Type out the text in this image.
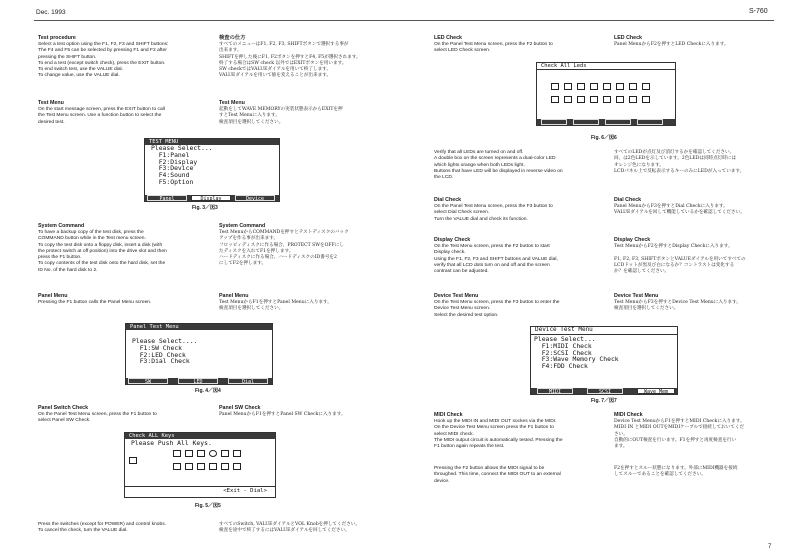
Dec. 1993	S-760
Test procedure

Select a test option using the F1, F2, F3 and SHIFT buttons:
The F4 and F5 can be selected by pressing F1 and F2 after
pressing the SHIFT button.
To end a test (except switch check), press the EXIT button.
To end switch test, use the VALUE dial.
To change value, use the VALUE dial.

検査の仕方

すべてのメニューはF1, F2, F3, SHIFTボタンで選択する事が
出来ます。
SHIFTを押した後にF1, F2ボタンを押すとF4, F5が選択されます。
終了する場合はSW check 以外ではEXITボタンを用います。
SW checkではVALUEダイアルを用いて終了します。
VALUEダイアルを用いて値を変えることが出来ます。

Test Menu

On the start message screen, press the EXIT button to call
the Test Menu screen. Use a function button to select the
desired test.

Test Menu

起動をしてWAVE MEMORYの実装状態表示からEXITを押
すとTest Menuに入ります。
検査項目を選択してください。

TEST MENU
Please Select...
F1:Panel
F2:Display
F3:Device
F4:Sound
F5:Option
Panel	Display	Device
Fig. 3／図3
System Command

To have a backup copy of the test disk, press the
COMMAND button while in the Test menu screen.
To copy the test disk onto a floppy disk, insert a disk (with
the protect switch at off position) into the drive slot and then
press the F1 button.
To copy contents of the test disk onto the hard disk, set the
ID No. of the hard disk to 2.

System Command

Test MenuからCOMMANDを押すとテストディスクのバック
アップを作る事が出来ます。
フロッピィディスクに作る場合、PROTECT SWをOFFにし
たディスクを入れてF1を押します。
ハードディスクに作る場合、ハードディスクのID番号を2
にしてF2を押します。

Panel Menu

Pressing the F1 button calls the Panel Menu screen.

Panel Menu

Test MenuからF1を押すとPanel Menuに入ります。
検査項目を選択してください。

Panel Test Menu
Please Select....
F1:SW Check
F2:LED Check
F3:Dial Check
SW	LED	Dial
Fig. 4／図4
Panel Switch Check

On the Panel Test Menu screen, press the F1 button to
select Panel SW Check.

Panel SW Check

Panel MenuからF1を押すとPanel SW Checkに入ります。

Check ALL Keys
Please Push All Keys.
<Exit - Dial>
Fig. 5／図5

Press the switches (except for POWER) and control knobs.
To cancel the check, turn the VALUE dial.

すべてのSwitch, VALUEダイアルとVOL Knobを押してください。
検査を途中で終了するにはVALUEダイアルを回してください。

LED Check

On the Panel Test Menu screen, press the F2 button to
select LED Check screen.

LED Check

Panel MenuからF2を押すとLED Checkに入ります。

Check All Leds
Fig. 6／図6

Verify that all LEDs are turned on and off.
A double box on the screen represents a dual-color LED
which lights orange when both LEDs light.
Buttons that have LED will be displayed in reverse video on
the LCD.

すべてのLEDが点灯及び消灯するかを確認してください。
回、は2色LEDを示しています。2色LEDは同時点灯時には
オレンジ色になります。
LCDパネル上で反転表示するキーのみにLEDが入っています。

Dial Check

On the Panel Test Menu screen, press the F3 button to
select Dial Check screen.
Turn the VALUE dial and check its function.

Dial Check

Panel MenuからF3を押すとDial Checkに入ります。
VALUEダイアルを回して機能しているかを確認してください。

Display Check

On the Test Menu screen, press the F2 button to start
Display check.
Using the F1, F2, F3 and SHIFT buttons and VALUE dial,
verify that all LCD dots turn on and off and the screen
contrast can be adjusted.

Display Check

Test MenuからF2を押すとDisplay Checkに入ります。

F1, F2, F3, SHIFTボタンとVALUEダイアルを用いてすべての
LCDドットが黒及び白になるか？コントラストは変化する
か？を確認してください。

Device Test Menu

On the Test Menu screen, press the F3 button to enter the
Device Test Menu screen.
Select the desired test option.

Device Test Menu

Test MenuからF3を押すとDevice Test Menuに入ります。
検査項目を選択してください。

Device Test Menu
Please Select...
F1:MIDI Check
F2:SCSI Check
F3:Wave Memory Check
F4:FDD Check
MIDI	SCSI	Wave Mem
Fig. 7／図7
MIDI Check

Hook up the MIDI IN and MIDI OUT sockes via the MIDI.
On the Device Test Menu screen press the F1 button to
select MIDI check.
The MIDI output circuit is automatically tested. Pressing the
F1 button again repeats the test.

MIDI Check

Device Test MenuからF1を押すとMIDI Checkに入ります。
MIDI IN とMIDI OUTをMIDIケーブルで接続しておいてくだ
さい。
自動的にOUT検査を行います。F1を押すと再度検査を行い
ます。

Pressing the F2 button allows the MIDI signal to be
throughed. This time, connect the MIDI OUT to an external
device.

F2を押すとスルー状態になります。外部にMIDI機器を接続
してスルーであることを確認してください。

7
